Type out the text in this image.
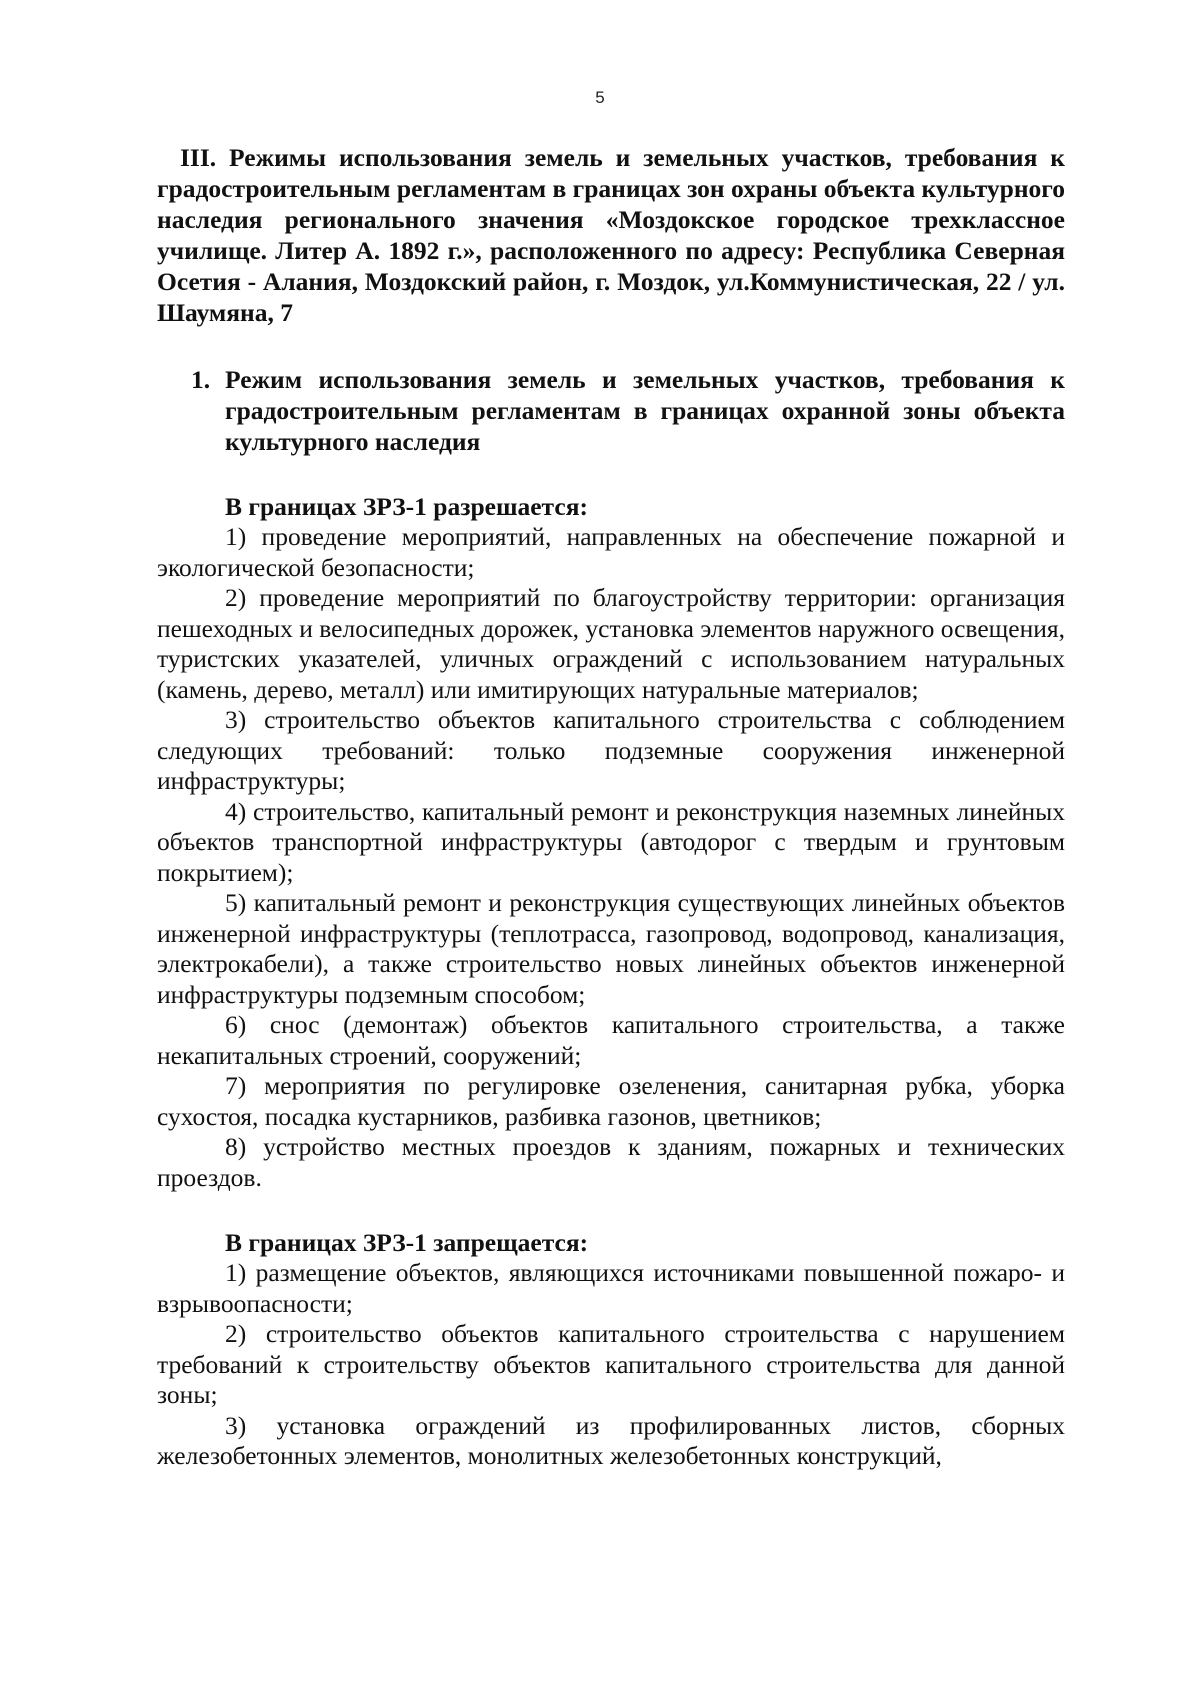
5

III. Режимы использования земель и земельных участков, требования к градостроительным регламентам в границах зон охраны объекта культурного наследия регионального значения «Моздокское городское трехклассное училище. Литер А. 1892 г.», расположенного по адресу: Республика Северная Осетия - Алания, Моздокский район, г. Моздок, ул.Коммунистическая, 22 / ул. Шаумяна, 7

1. Режим использования земель и земельных участков, требования к градостроительным регламентам в границах охранной зоны объекта культурного наследия
В границах ЗРЗ-1 разрешается:

1) проведение мероприятий, направленных на обеспечение пожарной и экологической безопасности;

2) проведение мероприятий по благоустройству территории: организация пешеходных и велосипедных дорожек, установка элементов наружного освещения, туристских указателей, уличных ограждений с использованием натуральных (камень, дерево, металл) или имитирующих натуральные материалов;

3) строительство объектов капитального строительства с соблюдением следующих требований: только подземные сооружения инженерной инфраструктуры;

4) строительство, капитальный ремонт и реконструкция наземных линейных объектов транспортной инфраструктуры (автодорог с твердым и грунтовым покрытием);

5) капитальный ремонт и реконструкция существующих линейных объектов инженерной инфраструктуры (теплотрасса, газопровод, водопровод, канализация, электрокабели), а также строительство новых линейных объектов инженерной инфраструктуры подземным способом;

6) снос (демонтаж) объектов капитального строительства, а также некапитальных строений, сооружений;

7) мероприятия по регулировке озеленения, санитарная рубка, уборка сухостоя, посадка кустарников, разбивка газонов, цветников;

8) устройство местных проездов к зданиям, пожарных и технических проездов.

В границах ЗРЗ-1 запрещается:

1) размещение объектов, являющихся источниками повышенной пожаро- и взрывоопасности;

2) строительство объектов капитального строительства с нарушением требований к строительству объектов капитального строительства для данной зоны;

3) установка ограждений из профилированных листов, сборных железобетонных элементов, монолитных железобетонных конструкций,
